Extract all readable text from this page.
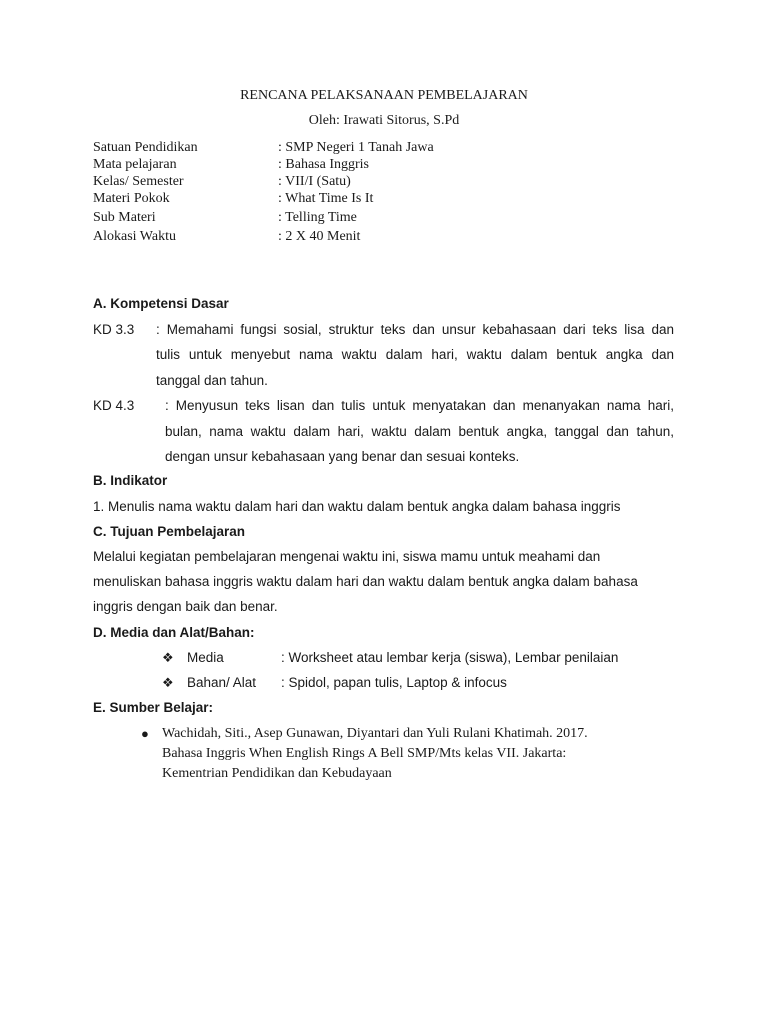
RENCANA PELAKSANAAN PEMBELAJARAN
Oleh: Irawati Sitorus, S.Pd
Satuan Pendidikan	: SMP Negeri 1 Tanah Jawa
Mata pelajaran	: Bahasa Inggris
Kelas/ Semester	: VII/I (Satu)
Materi Pokok	: What Time Is It
Sub Materi	: Telling Time
Alokasi Waktu	: 2 X 40 Menit
A. Kompetensi Dasar
KD 3.3 : Memahami fungsi sosial, struktur teks dan unsur kebahasaan dari teks lisa dan
tulis untuk menyebut nama waktu dalam hari, waktu dalam bentuk angka dan
tanggal dan tahun.
KD 4.3 : Menyusun teks lisan dan tulis untuk menyatakan dan menanyakan nama hari,
bulan, nama waktu dalam hari, waktu dalam bentuk angka, tanggal dan tahun,
dengan unsur kebahasaan yang benar dan sesuai konteks.
B. Indikator
1. Menulis nama waktu dalam hari dan waktu dalam bentuk angka dalam bahasa inggris
C. Tujuan Pembelajaran
Melalui kegiatan pembelajaran mengenai waktu ini, siswa mamu untuk meahami dan
menuliskan bahasa inggris waktu dalam hari dan waktu dalam bentuk angka dalam bahasa
inggris dengan baik dan benar.
D. Media dan Alat/Bahan:
❖ Media	: Worksheet atau lembar kerja (siswa), Lembar penilaian
❖ Bahan/ Alat : Spidol, papan tulis, Laptop & infocus
E. Sumber Belajar:
● Wachidah, Siti., Asep Gunawan, Diyantari dan Yuli Rulani Khatimah. 2017.
Bahasa Inggris When English Rings A Bell SMP/Mts kelas VII. Jakarta:
Kementrian Pendidikan dan Kebudayaan
